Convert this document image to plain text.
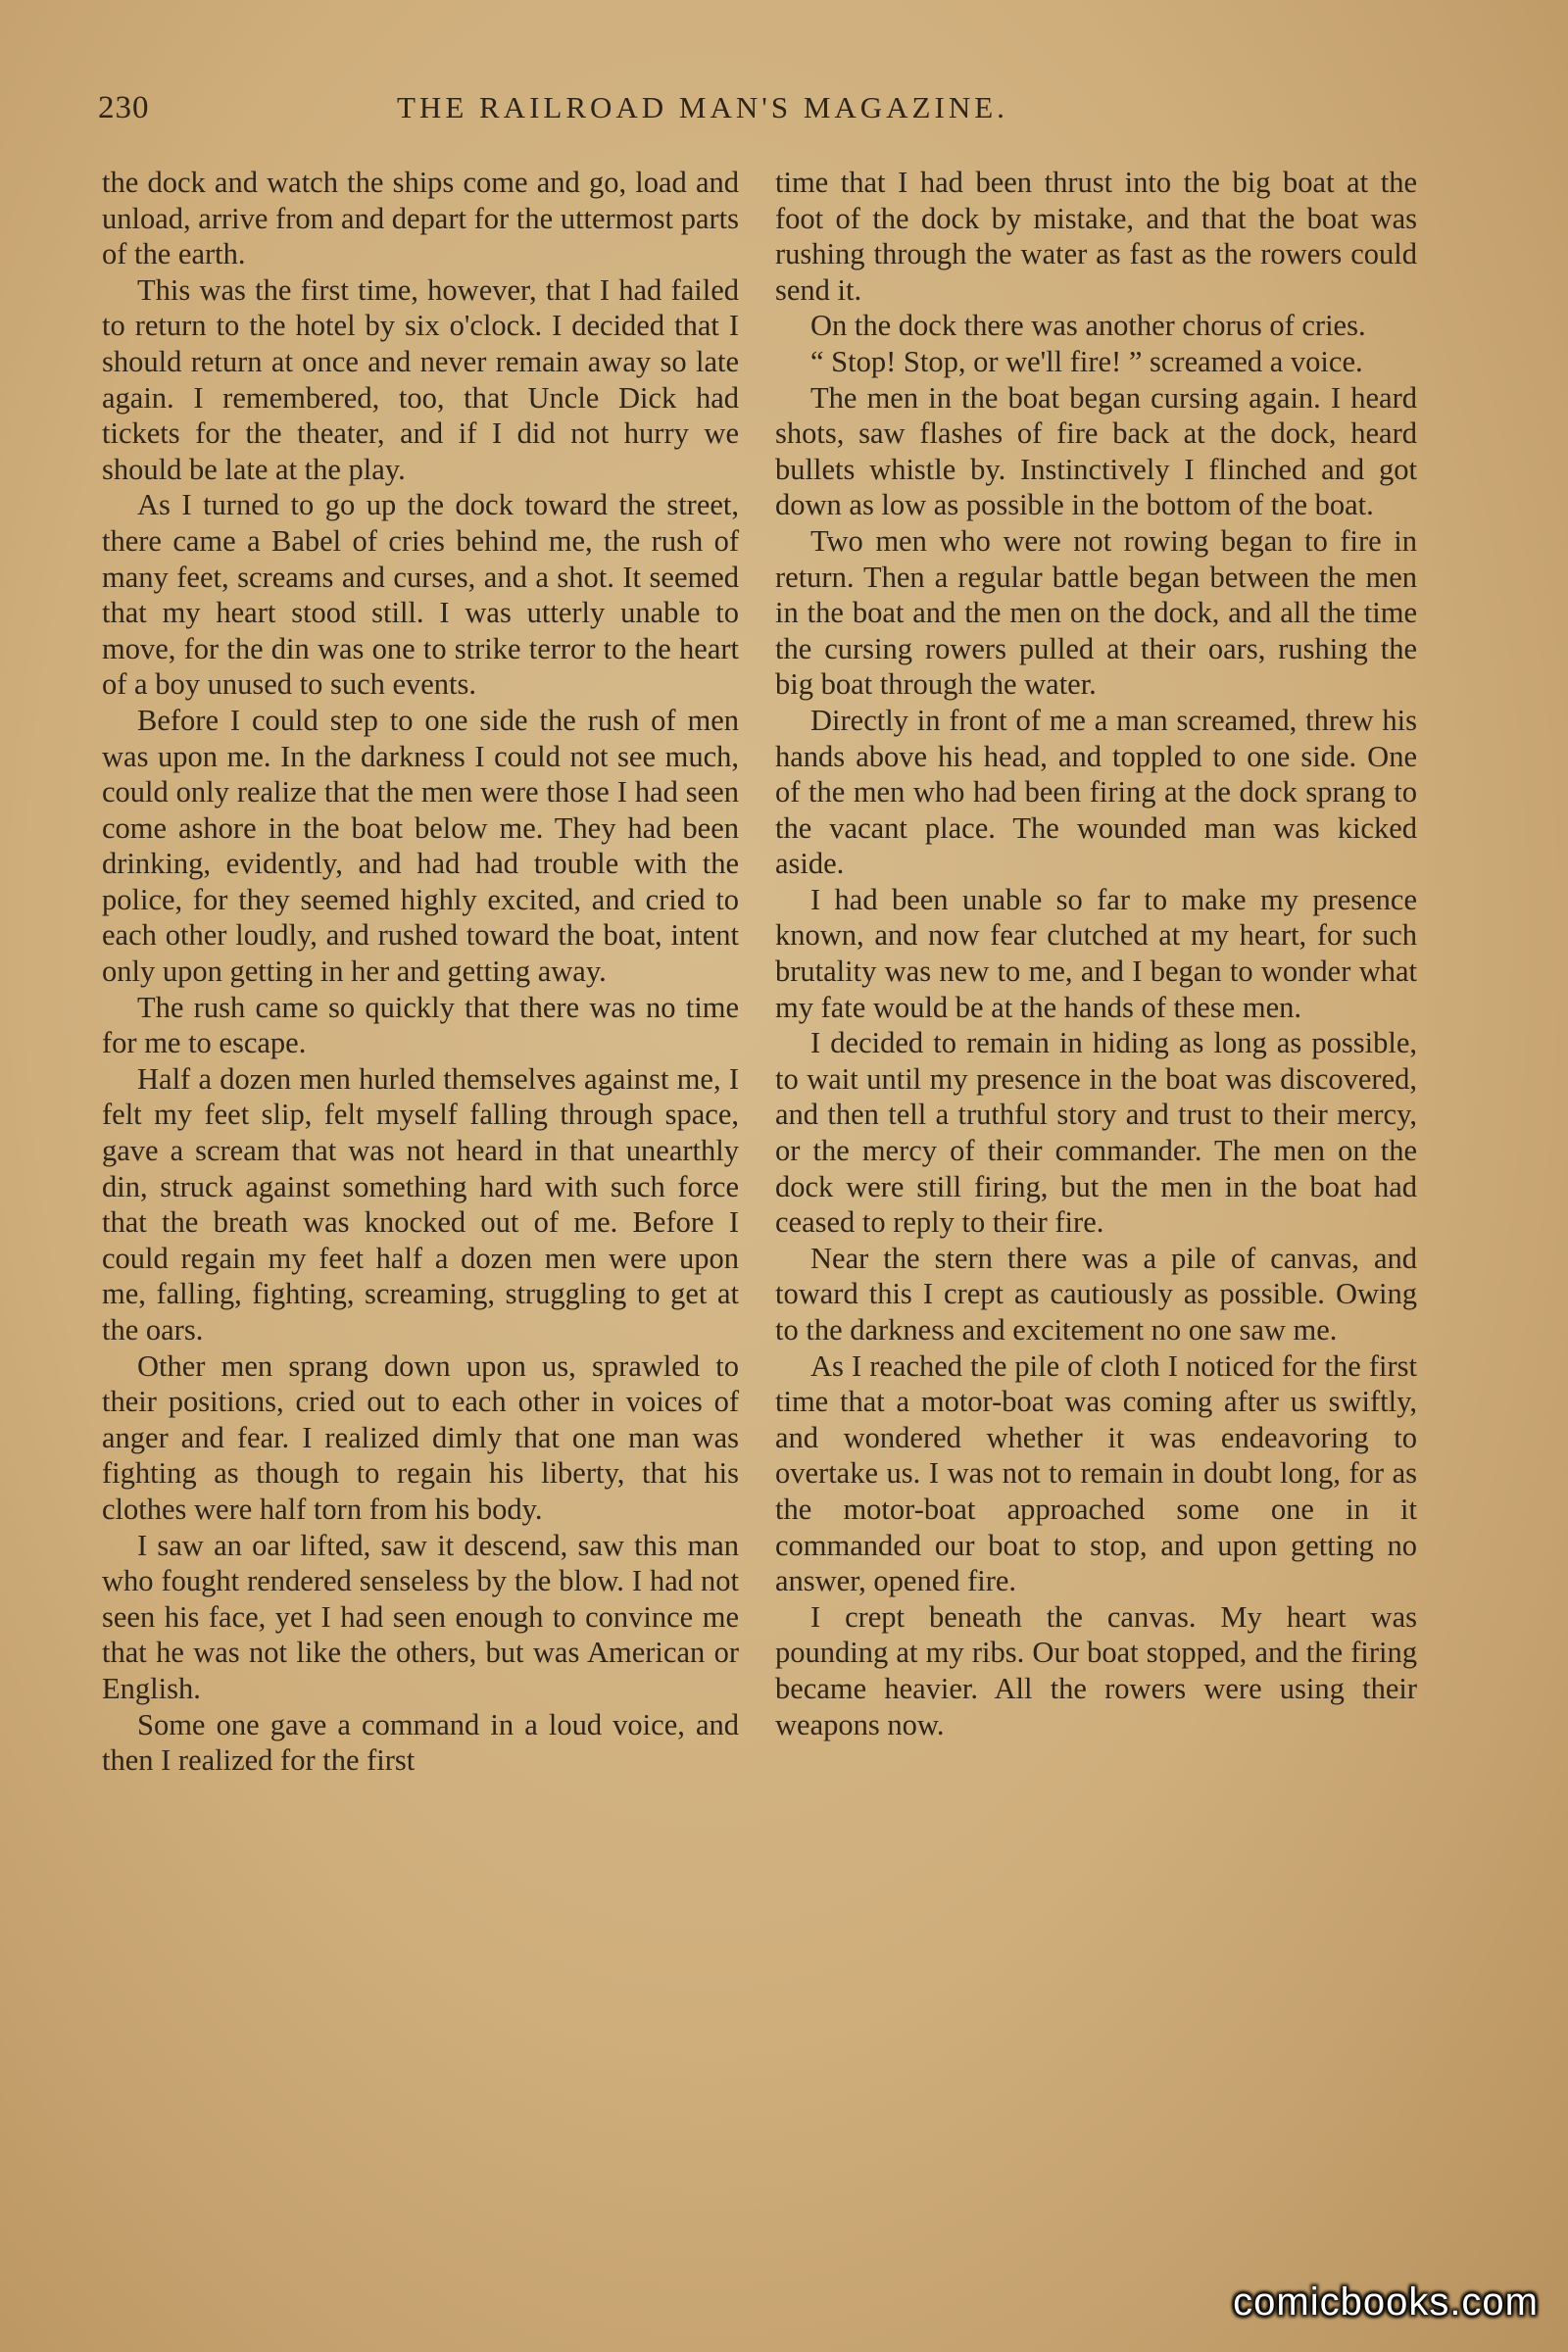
230	THE RAILROAD MAN'S MAGAZINE.

the dock and watch the ships come and go, load and unload, arrive from and depart for the uttermost parts of the earth.

This was the first time, however, that I had failed to return to the hotel by six o'clock. I decided that I should return at once and never remain away so late again. I remembered, too, that Uncle Dick had tickets for the theater, and if I did not hurry we should be late at the play.

As I turned to go up the dock toward the street, there came a Babel of cries behind me, the rush of many feet, screams and curses, and a shot. It seemed that my heart stood still. I was utterly unable to move, for the din was one to strike terror to the heart of a boy unused to such events.

Before I could step to one side the rush of men was upon me. In the darkness I could not see much, could only realize that the men were those I had seen come ashore in the boat below me. They had been drinking, evidently, and had had trouble with the police, for they seemed highly excited, and cried to each other loudly, and rushed toward the boat, intent only upon getting in her and getting away.

The rush came so quickly that there was no time for me to escape.

Half a dozen men hurled themselves against me, I felt my feet slip, felt myself falling through space, gave a scream that was not heard in that unearthly din, struck against something hard with such force that the breath was knocked out of me. Before I could regain my feet half a dozen men were upon me, falling, fighting, screaming, struggling to get at the oars.

Other men sprang down upon us, sprawled to their positions, cried out to each other in voices of anger and fear. I realized dimly that one man was fighting as though to regain his liberty, that his clothes were half torn from his body.

I saw an oar lifted, saw it descend, saw this man who fought rendered senseless by the blow. I had not seen his face, yet I had seen enough to convince me that he was not like the others, but was American or English.

Some one gave a command in a loud voice, and then I realized for the first

time that I had been thrust into the big boat at the foot of the dock by mistake, and that the boat was rushing through the water as fast as the rowers could send it.

On the dock there was another chorus of cries.

“ Stop! Stop, or we'll fire! ” screamed a voice.

The men in the boat began cursing again. I heard shots, saw flashes of fire back at the dock, heard bullets whistle by. Instinctively I flinched and got down as low as possible in the bottom of the boat.

Two men who were not rowing began to fire in return. Then a regular battle began between the men in the boat and the men on the dock, and all the time the cursing rowers pulled at their oars, rushing the big boat through the water.

Directly in front of me a man screamed, threw his hands above his head, and toppled to one side. One of the men who had been firing at the dock sprang to the vacant place. The wounded man was kicked aside.

I had been unable so far to make my presence known, and now fear clutched at my heart, for such brutality was new to me, and I began to wonder what my fate would be at the hands of these men.

I decided to remain in hiding as long as possible, to wait until my presence in the boat was discovered, and then tell a truthful story and trust to their mercy, or the mercy of their commander. The men on the dock were still firing, but the men in the boat had ceased to reply to their fire.

Near the stern there was a pile of canvas, and toward this I crept as cautiously as possible. Owing to the darkness and excitement no one saw me.

As I reached the pile of cloth I noticed for the first time that a motor-boat was coming after us swiftly, and wondered whether it was endeavoring to overtake us. I was not to remain in doubt long, for as the motor-boat approached some one in it commanded our boat to stop, and upon getting no answer, opened fire.

I crept beneath the canvas. My heart was pounding at my ribs. Our boat stopped, and the firing became heavier. All the rowers were using their weapons now.

comicbooks.com
